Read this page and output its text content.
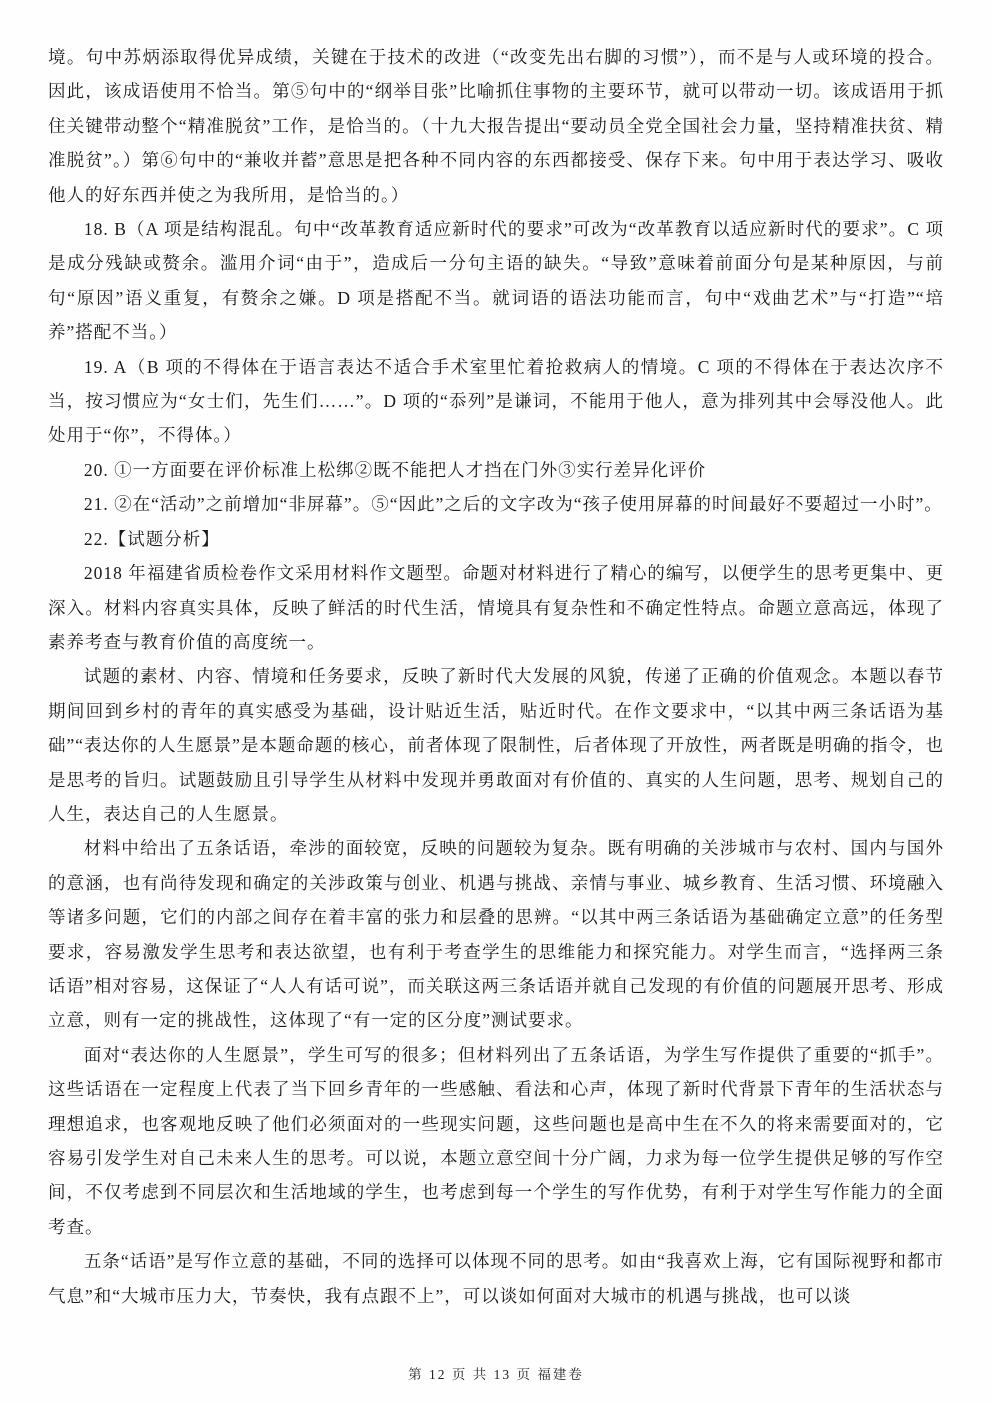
境。句中苏炳添取得优异成绩，关键在于技术的改进（“改变先出右脚的习惯”），而不是与人或环境的投合。因此，该成语使用不恰当。第⑤句中的“纲举目张”比喻抓住事物的主要环节，就可以带动一切。该成语用于抓住关键带动整个“精准脱贫”工作，是恰当的。（十九大报告提出“要动员全党全国社会力量，坚持精准扶贫、精准脱贫”。）第⑥句中的“兼收并蓄”意思是把各种不同内容的东西都接受、保存下来。句中用于表达学习、吸收他人的好东西并使之为我所用，是恰当的。）

18. B（A 项是结构混乱。句中“改革教育适应新时代的要求”可改为“改革教育以适应新时代的要求”。C 项是成分残缺或赘余。滥用介词“由于”，造成后一分句主语的缺失。“导致”意味着前面分句是某种原因，与前句“原因”语义重复，有赘余之嫌。D 项是搭配不当。就词语的语法功能而言，句中“戏曲艺术”与“打造”“培养”搭配不当。）

19. A（B 项的不得体在于语言表达不适合手术室里忙着抢救病人的情境。C 项的不得体在于表达次序不当，按习惯应为“女士们，先生们……”。D 项的“忝列”是谦词，不能用于他人，意为排列其中会辱没他人。此处用于“你”，不得体。）

20. ①一方面要在评价标准上松绑②既不能把人才挡在门外③实行差异化评价

21. ②在“活动”之前增加“非屏幕”。⑤“因此”之后的文字改为“孩子使用屏幕的时间最好不要超过一小时”。

22.【试题分析】

2018 年福建省质检卷作文采用材料作文题型。命题对材料进行了精心的编写，以便学生的思考更集中、更深入。材料内容真实具体，反映了鲜活的时代生活，情境具有复杂性和不确定性特点。命题立意高远，体现了素养考查与教育价值的高度统一。

试题的素材、内容、情境和任务要求，反映了新时代大发展的风貌，传递了正确的价值观念。本题以春节期间回到乡村的青年的真实感受为基础，设计贴近生活，贴近时代。在作文要求中，“以其中两三条话语为基础”“表达你的人生愿景”是本题命题的核心，前者体现了限制性，后者体现了开放性，两者既是明确的指令，也是思考的旨归。试题鼓励且引导学生从材料中发现并勇敢面对有价值的、真实的人生问题，思考、规划自己的人生，表达自己的人生愿景。

材料中给出了五条话语，牵涉的面较宽，反映的问题较为复杂。既有明确的关涉城市与农村、国内与国外的意涵，也有尚待发现和确定的关涉政策与创业、机遇与挑战、亲情与事业、城乡教育、生活习惯、环境融入等诸多问题，它们的内部之间存在着丰富的张力和层叠的思辨。“以其中两三条话语为基础确定立意”的任务型要求，容易激发学生思考和表达欲望，也有利于考查学生的思维能力和探究能力。对学生而言，“选择两三条话语”相对容易，这保证了“人人有话可说”，而关联这两三条话语并就自己发现的有价值的问题展开思考、形成立意，则有一定的挑战性，这体现了“有一定的区分度”测试要求。

面对“表达你的人生愿景”，学生可写的很多；但材料列出了五条话语，为学生写作提供了重要的“抓手”。这些话语在一定程度上代表了当下回乡青年的一些感触、看法和心声，体现了新时代背景下青年的生活状态与理想追求，也客观地反映了他们必须面对的一些现实问题，这些问题也是高中生在不久的将来需要面对的，它容易引发学生对自己未来人生的思考。可以说，本题立意空间十分广阔，力求为每一位学生提供足够的写作空间，不仅考虑到不同层次和生活地域的学生，也考虑到每一个学生的写作优势，有利于对学生写作能力的全面考查。

五条“话语”是写作立意的基础，不同的选择可以体现不同的思考。如由“我喜欢上海，它有国际视野和都市气息”和“大城市压力大，节奏快，我有点跟不上”，可以谈如何面对大城市的机遇与挑战，也可以谈

第 12 页 共 13 页 福建卷
